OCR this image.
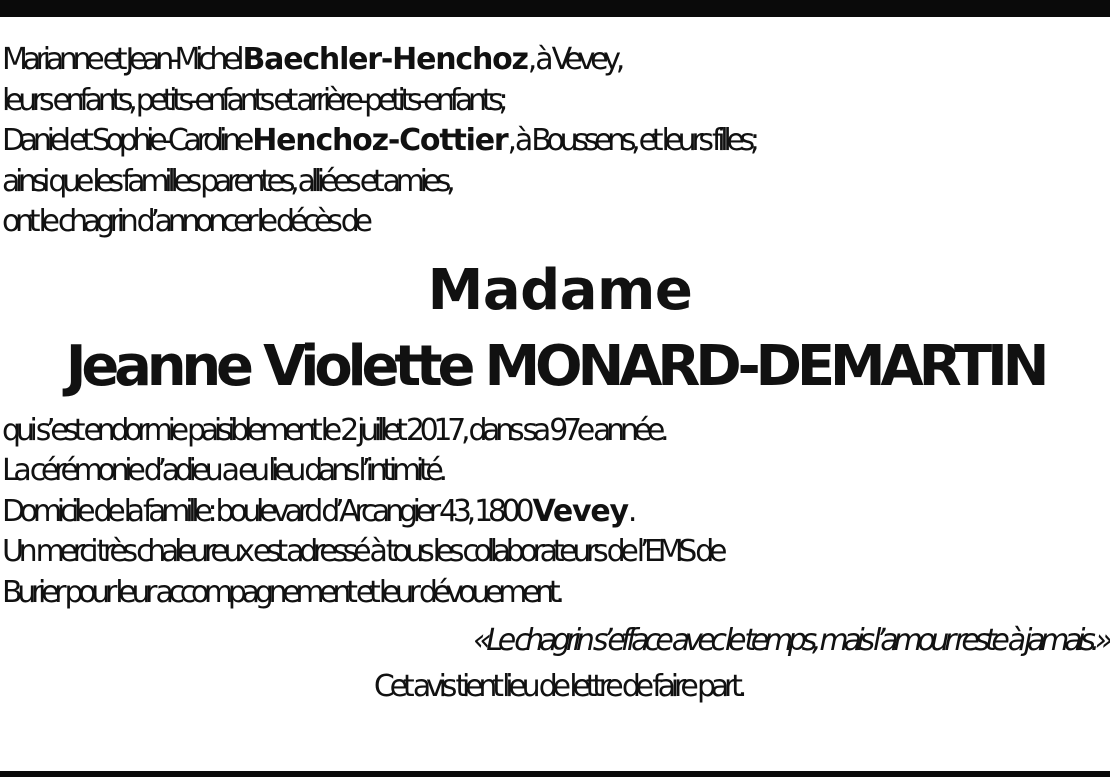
Marianne et Jean-Michel Baechler-Henchoz, à Vevey,
leurs enfants, petits-enfants et arrière-petits-enfants;
Daniel et Sophie-Caroline Henchoz-Cottier, à Boussens, et leurs filles;
ainsi que les familles parentes, alliées et amies,
ont le chagrin d’annoncer le décès de
Madame
Jeanne Violette MONARD-DEMARTIN
qui s’est endormie paisiblement le 2 juillet 2017, dans sa 97e année.
La cérémonie d’adieu a eu lieu dans l’intimité.
Domicile de la famille: boulevard d’Arcangier 43, 1800 Vevey.
Un merci très chaleureux est adressé à tous les collaborateurs de l’EMS de
Burier pour leur accompagnement et leur dévouement.
«Le chagrin s’efface avec le temps, mais l’amour reste à jamais.»
Cet avis tient lieu de lettre de faire part.
